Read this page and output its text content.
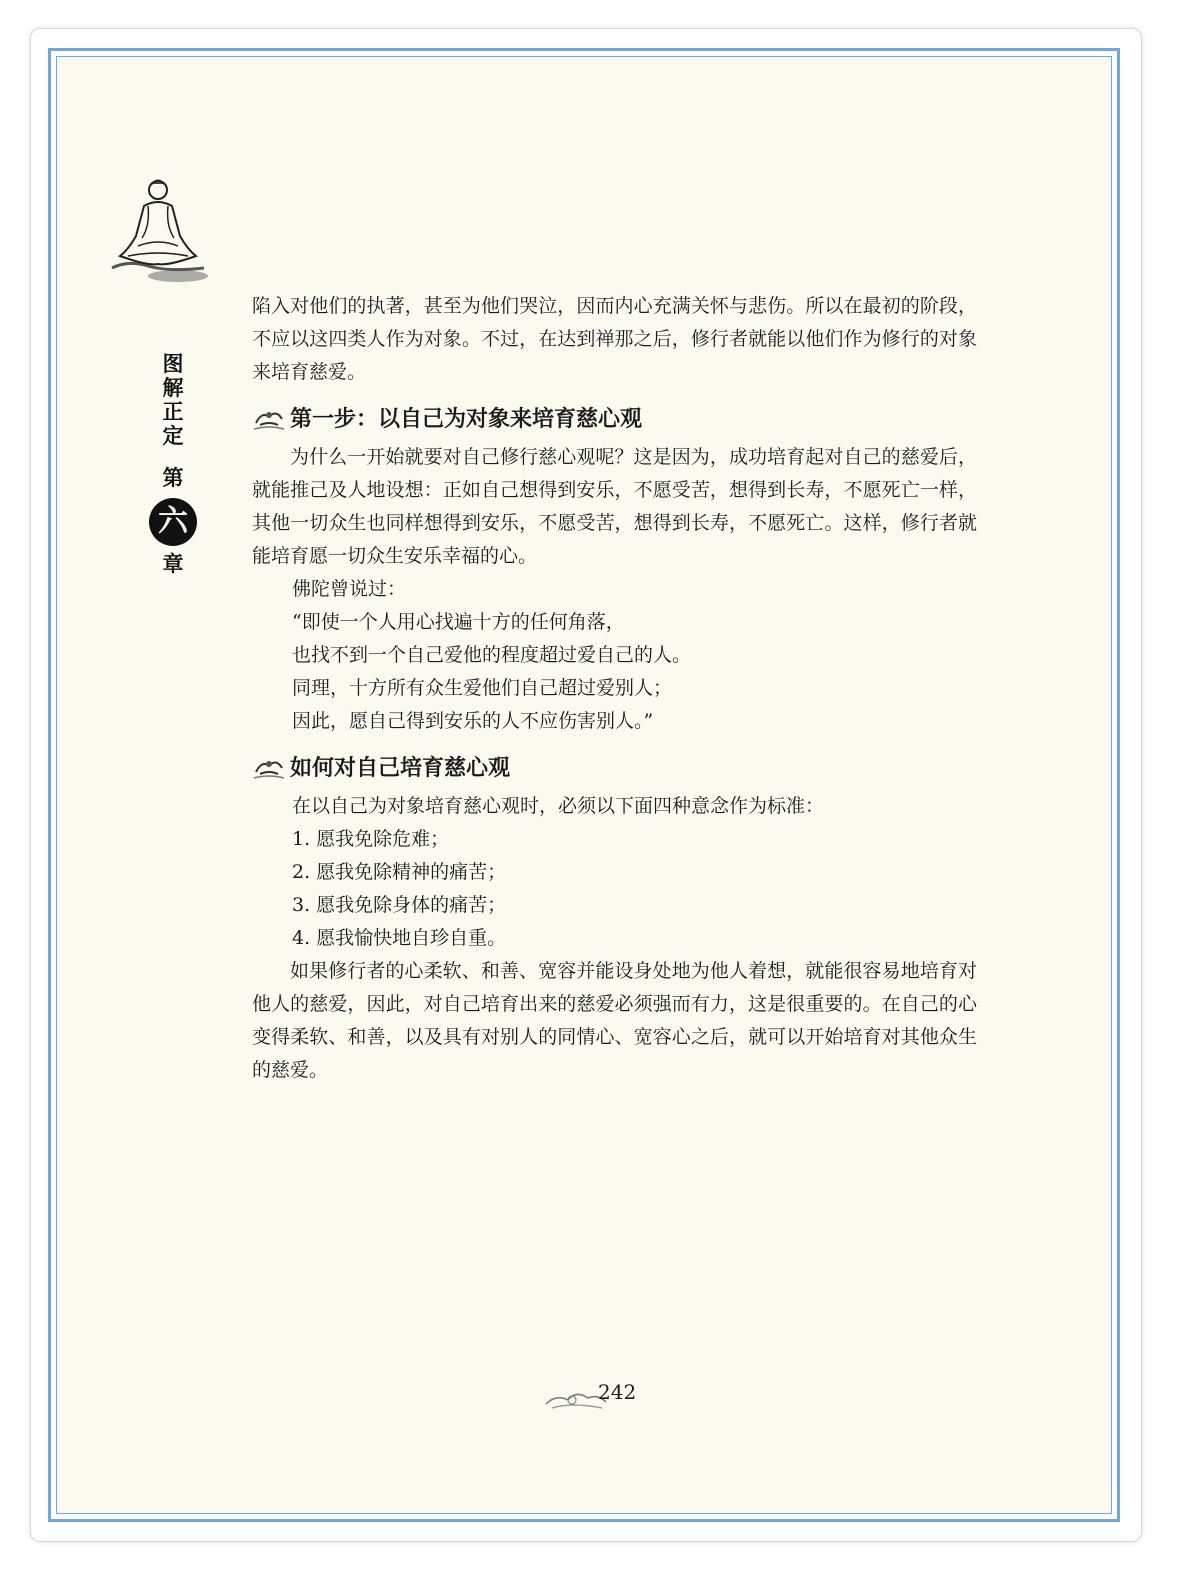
图
解
正
定
第
六
章

陷入对他们的执著，甚至为他们哭泣，因而内心充满关怀与悲伤。所以在最初的阶段，不应以这四类人作为对象。不过，在达到禅那之后，修行者就能以他们作为修行的对象来培育慈爱。

第一步：以自己为对象来培育慈心观

为什么一开始就要对自己修行慈心观呢？这是因为，成功培育起对自己的慈爱后，就能推己及人地设想：正如自己想得到安乐，不愿受苦，想得到长寿，不愿死亡一样，其他一切众生也同样想得到安乐，不愿受苦，想得到长寿，不愿死亡。这样，修行者就能培育愿一切众生安乐幸福的心。

佛陀曾说过：

“即使一个人用心找遍十方的任何角落，

也找不到一个自己爱他的程度超过爱自己的人。

同理，十方所有众生爱他们自己超过爱别人；

因此，愿自己得到安乐的人不应伤害别人。”

如何对自己培育慈心观

在以自己为对象培育慈心观时，必须以下面四种意念作为标准：

1. 愿我免除危难；

2. 愿我免除精神的痛苦；

3. 愿我免除身体的痛苦；

4. 愿我愉快地自珍自重。

如果修行者的心柔软、和善、宽容并能设身处地为他人着想，就能很容易地培育对他人的慈爱，因此，对自己培育出来的慈爱必须强而有力，这是很重要的。在自己的心变得柔软、和善，以及具有对别人的同情心、宽容心之后，就可以开始培育对其他众生的慈爱。

242
